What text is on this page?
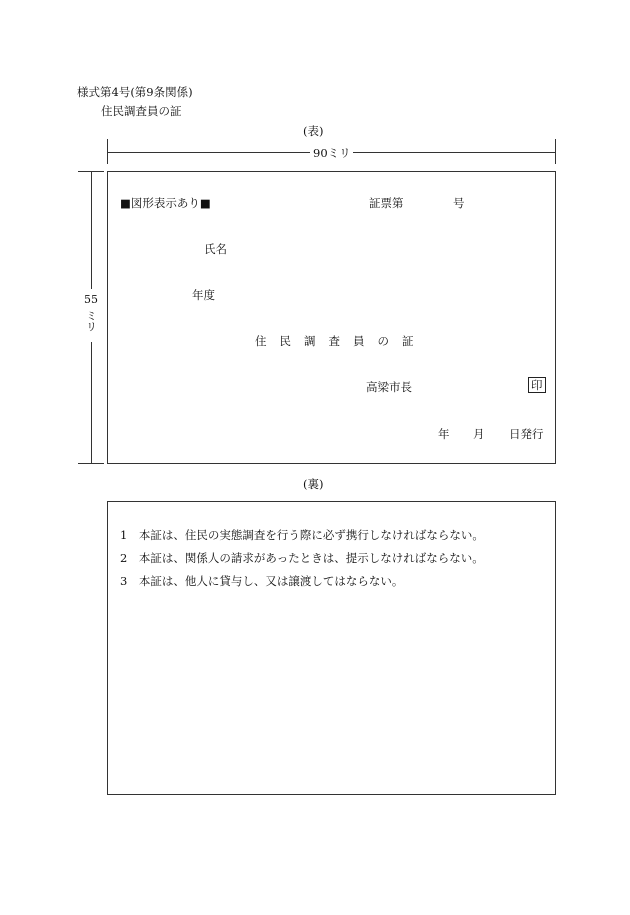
様式第4号(第9条関係)
住民調査員の証
(表)
90ミリ
55
ミリ
■図形表示あり■	証票第	号
氏名
年度
住民調査員の証
高梁市長	印
年 月 日発行
(裏)
1　本証は、住民の実態調査を行う際に必ず携行しなければならない。
2　本証は、関係人の請求があったときは、提示しなければならない。
3　本証は、他人に貸与し、又は譲渡してはならない。
